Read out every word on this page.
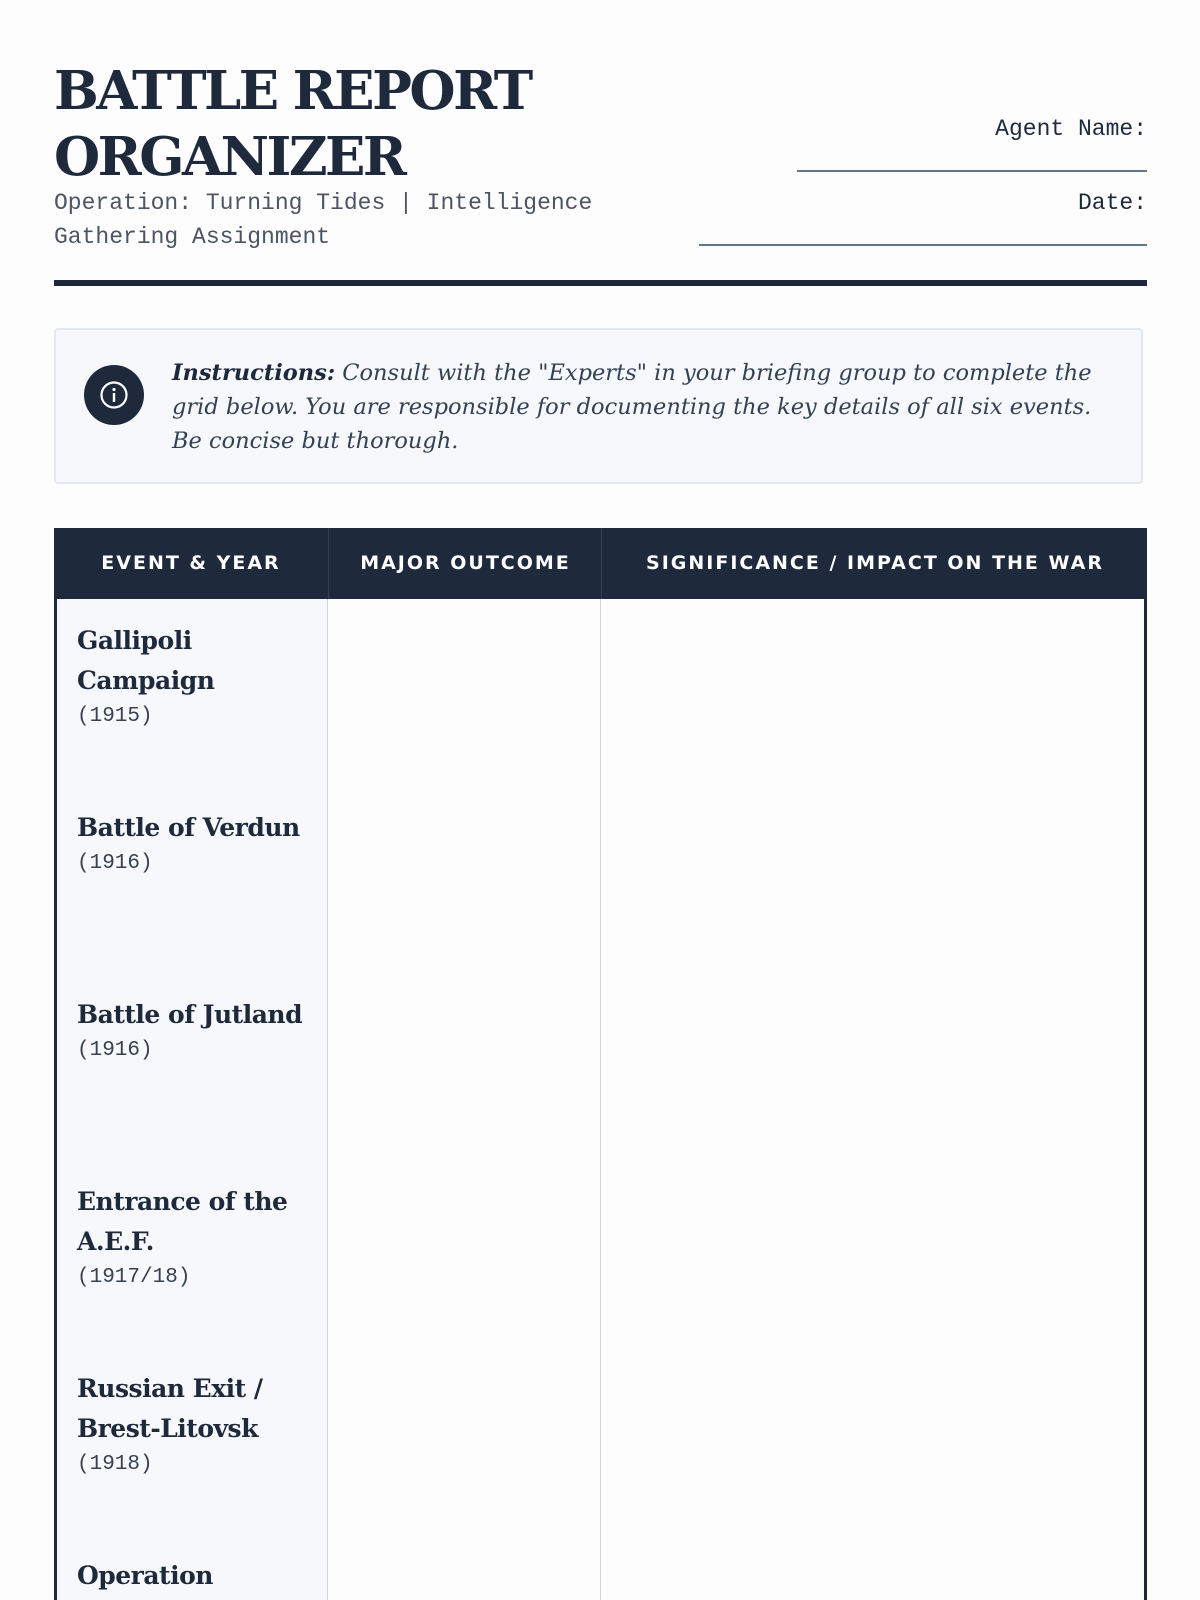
BATTLE REPORT
ORGANIZER
Operation: Turning Tides | Intelligence Gathering Assignment
Agent Name:
Date:
Instructions: Consult with the "Experts" in your briefing group to complete the grid below. You are responsible for documenting the key details of all six events. Be concise but thorough.
EVENT & YEAR	MAJOR OUTCOME	SIGNIFICANCE / IMPACT ON THE WAR
Gallipoli Campaign
(1915)
Battle of Verdun
(1916)
Battle of Jutland
(1916)
Entrance of the A.E.F.
(1917/18)
Russian Exit / Brest-Litovsk
(1918)
Operation
